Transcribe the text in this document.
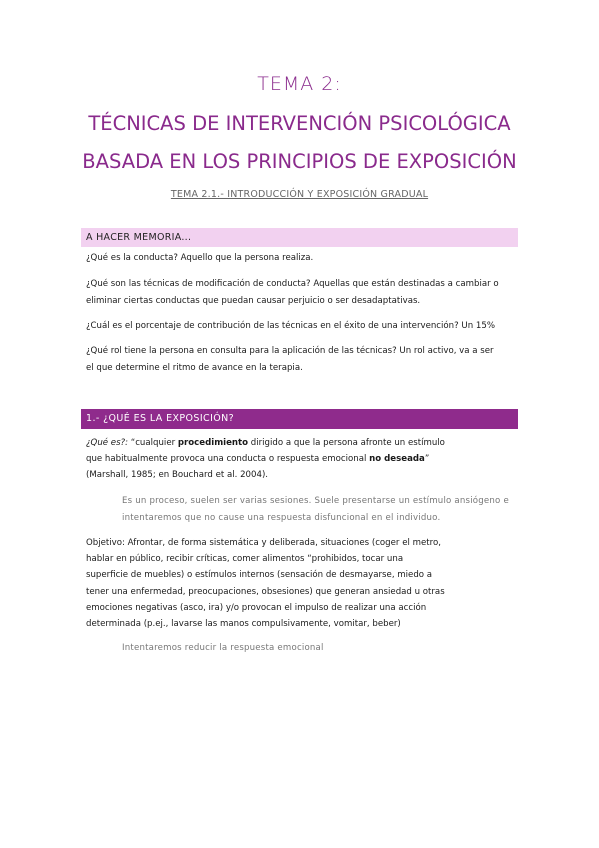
TEMA 2:
TÉCNICAS DE INTERVENCIÓN PSICOLÓGICA
BASADA EN LOS PRINCIPIOS DE EXPOSICIÓN
TEMA 2.1.- INTRODUCCIÓN Y EXPOSICIÓN GRADUAL
A HACER MEMORIA...

¿Qué es la conducta? Aquello que la persona realiza.

¿Qué son las técnicas de modificación de conducta? Aquellas que están destinadas a cambiar o

eliminar ciertas conductas que puedan causar perjuicio o ser desadaptativas.

¿Cuál es el porcentaje de contribución de las técnicas en el éxito de una intervención? Un 15%

¿Qué rol tiene la persona en consulta para la aplicación de las técnicas? Un rol activo, va a ser

el que determine el ritmo de avance en la terapia.

1.- ¿QUÉ ES LA EXPOSICIÓN?

¿Qué es?: “cualquier procedimiento dirigido a que la persona afronte un estímulo

que habitualmente provoca una conducta o respuesta emocional no deseada”

(Marshall, 1985; en Bouchard et al. 2004).

Es un proceso, suelen ser varias sesiones. Suele presentarse un estímulo ansiógeno e

intentaremos que no cause una respuesta disfuncional en el individuo.

Objetivo: Afrontar, de forma sistemática y deliberada, situaciones (coger el metro,

hablar en público, recibir críticas, comer alimentos “prohibidos, tocar una

superficie de muebles) o estímulos internos (sensación de desmayarse, miedo a

tener una enfermedad, preocupaciones, obsesiones) que generan ansiedad u otras

emociones negativas (asco, ira) y/o provocan el impulso de realizar una acción

determinada (p.ej., lavarse las manos compulsivamente, vomitar, beber)

Intentaremos reducir la respuesta emocional
